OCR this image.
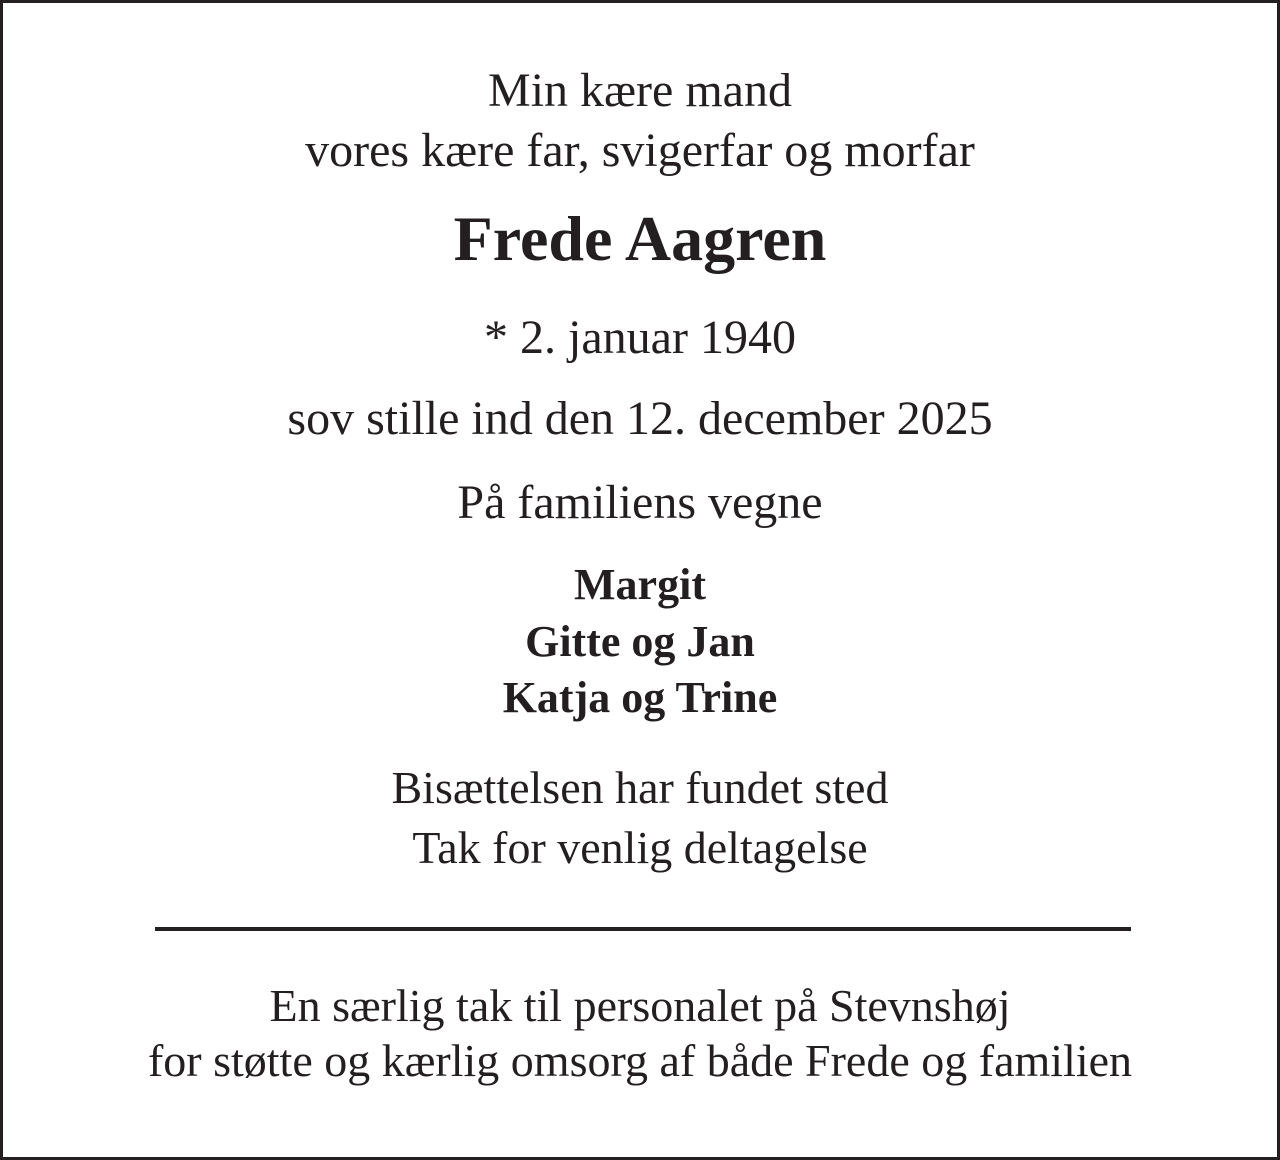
Min kære mand
vores kære far, svigerfar og morfar
Frede Aagren
* 2. januar 1940
sov stille ind den 12. december 2025
På familiens vegne
Margit
Gitte og Jan
Katja og Trine
Bisættelsen har fundet sted
Tak for venlig deltagelse
En særlig tak til personalet på Stevnshøj
for støtte og kærlig omsorg af både Frede og familien
